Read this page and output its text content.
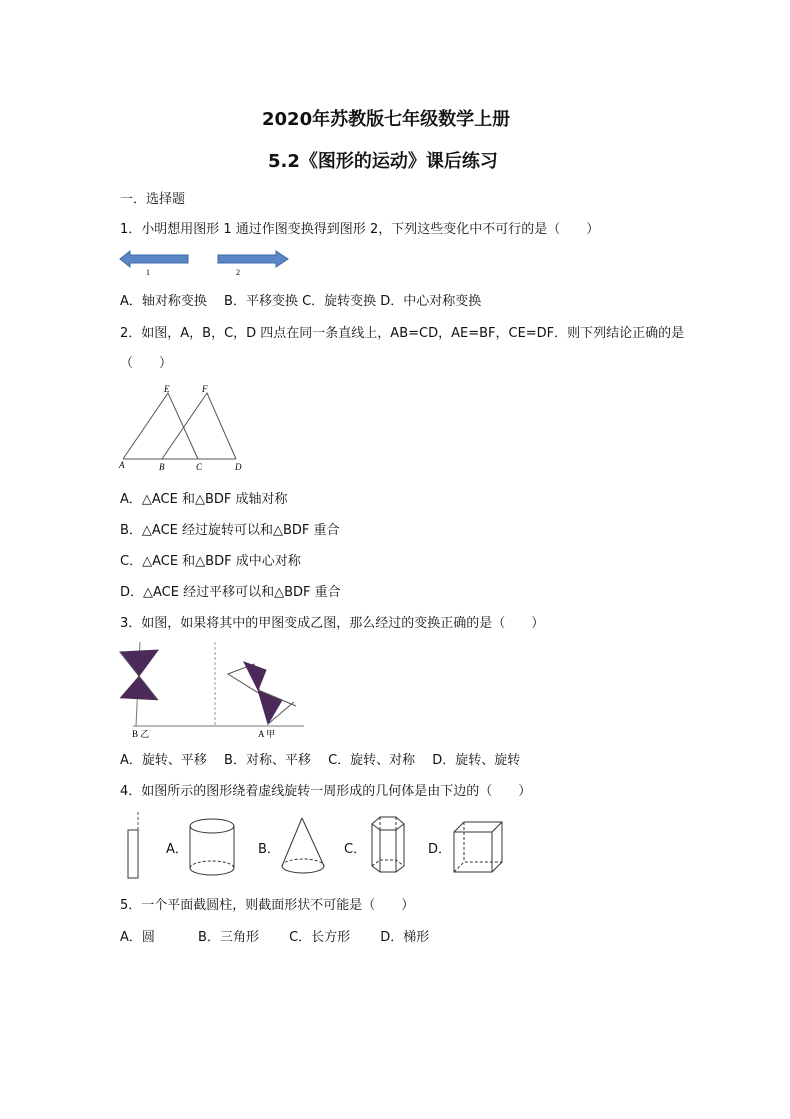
2020年苏教版七年级数学上册
5.2《图形的运动》课后练习
一．选择题
1．小明想用图形 1 通过作图变换得到图形 2，下列这些变化中不可行的是（　　）
1	2
A．轴对称变换　 B．平移变换 C．旋转变换 D．中心对称变换
2．如图，A，B，C，D 四点在同一条直线上，AB=CD，AE=BF，CE=DF．则下列结论正确的是
（　　）
A	B	C	D
E	F
A．△ACE 和△BDF 成轴对称
B．△ACE 经过旋转可以和△BDF 重合
C．△ACE 和△BDF 成中心对称
D．△ACE 经过平移可以和△BDF 重合
3．如图，如果将其中的甲图变成乙图，那么经过的变换正确的是（　　）
B 乙	A 甲
A．旋转、平移　 B．对称、平移　 C．旋转、对称　 D．旋转、旋转
4．如图所示的图形绕着虚线旋转一周形成的几何体是由下边的（　　）
A．	B．	C．	D．
5．一个平面截圆柱，则截面形状不可能是（　　）
A．圆　　　 B．三角形　　 C．长方形　　 D．梯形
